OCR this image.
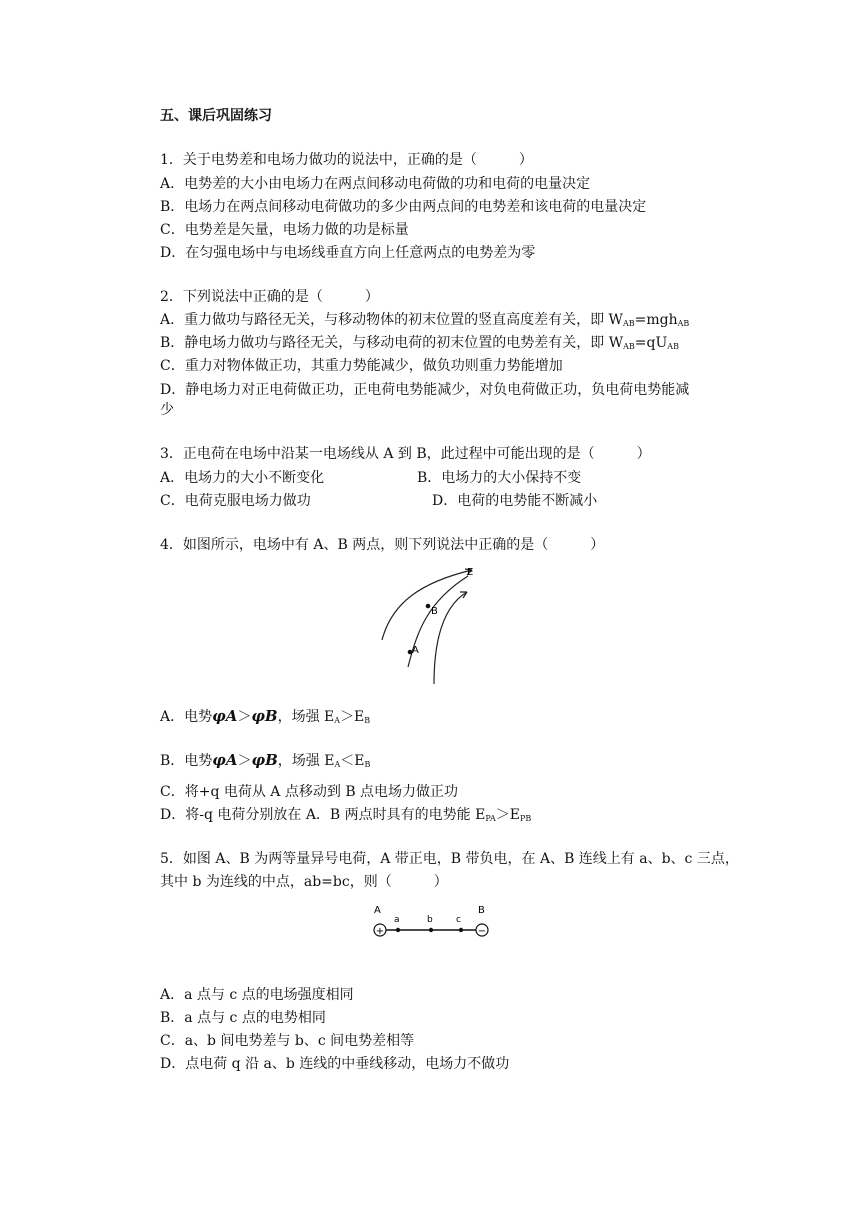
五、课后巩固练习
1．关于电势差和电场力做功的说法中，正确的是（　　　）
A．电势差的大小由电场力在两点间移动电荷做的功和电荷的电量决定
B．电场力在两点间移动电荷做功的多少由两点间的电势差和该电荷的电量决定
C．电势差是矢量，电场力做的功是标量
D．在匀强电场中与电场线垂直方向上任意两点的电势差为零
2．下列说法中正确的是（　　　）
A．重力做功与路径无关，与移动物体的初末位置的竖直高度差有关，即 $W_{AB}=mgh_{AB}$
B．静电场力做功与路径无关，与移动电荷的初末位置的电势差有关，即 $W_{AB}=qU_{AB}$
C．重力对物体做正功，其重力势能减少，做负功则重力势能增加
D．静电场力对正电荷做正功，正电荷电势能减少，对负电荷做正功，负电荷电势能减
少
3．正电荷在电场中沿某一电场线从 A 到 B，此过程中可能出现的是（　　　）
A．电场力的大小不断变化	B．电场力的大小保持不变
C．电荷克服电场力做功	D．电荷的电势能不断减小
4．如图所示，电场中有 A、B 两点，则下列说法中正确的是（　　　）
E
B
A
A．电势φA＞φB，场强 $E_A>E_B$
B．电势φA＞φB，场强 $E_A<E_B$
C．将+q 电荷从 A 点移动到 B 点电场力做正功
D．将-q 电荷分别放在 A．B 两点时具有的电势能 $E_{PA}>E_{PB}$
5．如图 A、B 为两等量异号电荷，A 带正电，B 带负电，在 A、B 连线上有 a、b、c 三点，
其中 b 为连线的中点，ab=bc，则（　　　）
+	−
A
a	b	c
B
A．a 点与 c 点的电场强度相同
B．a 点与 c 点的电势相同
C．a、b 间电势差与 b、c 间电势差相等
D．点电荷 q 沿 a、b 连线的中垂线移动，电场力不做功
